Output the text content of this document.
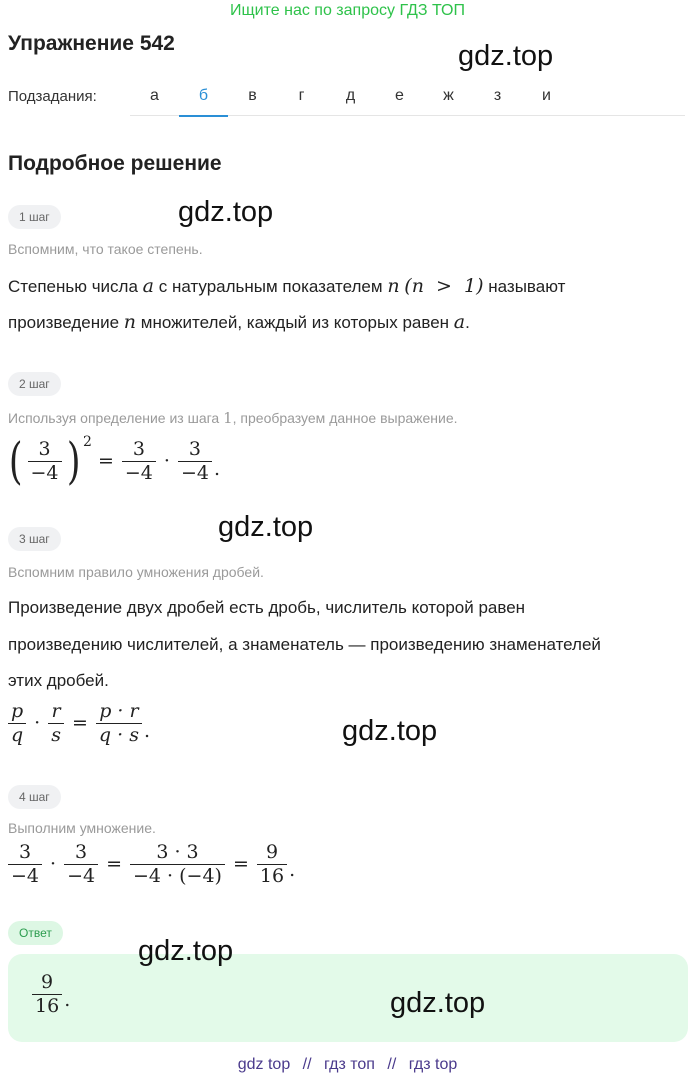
Ищите нас по запросу ГДЗ ТОП
Упражнение 542	gdz.top
Подзадания:	а	б	в	г	д	е	ж	з	и
Подробное решение
gdz.top
1 шаг
Вспомним, что такое степень.
Степенью числа a с натуральным показателем n (n  >  1) называют
произведение n множителей, каждый из которых равен a.
2 шаг
Используя определение из шага 1, преобразуем данное выражение.
( $\frac{3}{-4}$ ) 2
= $\frac{3}{-4} \cdot \frac{3}{-4}$ .
gdz.top
3 шаг
Вспомним правило умножения дробей.
Произведение двух дробей есть дробь, числитель которой равен
произведению числителей, а знаменатель — произведению знаменателей
этих дробей.
$\frac{p}{q} \cdot \frac{r}{s} = \frac{p \cdot r}{q \cdot s}$ .	gdz.top
4 шаг
Выполним умножение.
$\frac{3}{-4} \cdot \frac{3}{-4} = \frac{3 \cdot 3}{-4 \cdot (-4)} = \frac{9}{16}$ .
Ответ
gdz.top
$\frac{9}{16}$ .	gdz.top
gdz top // гдз топ // гдз top
